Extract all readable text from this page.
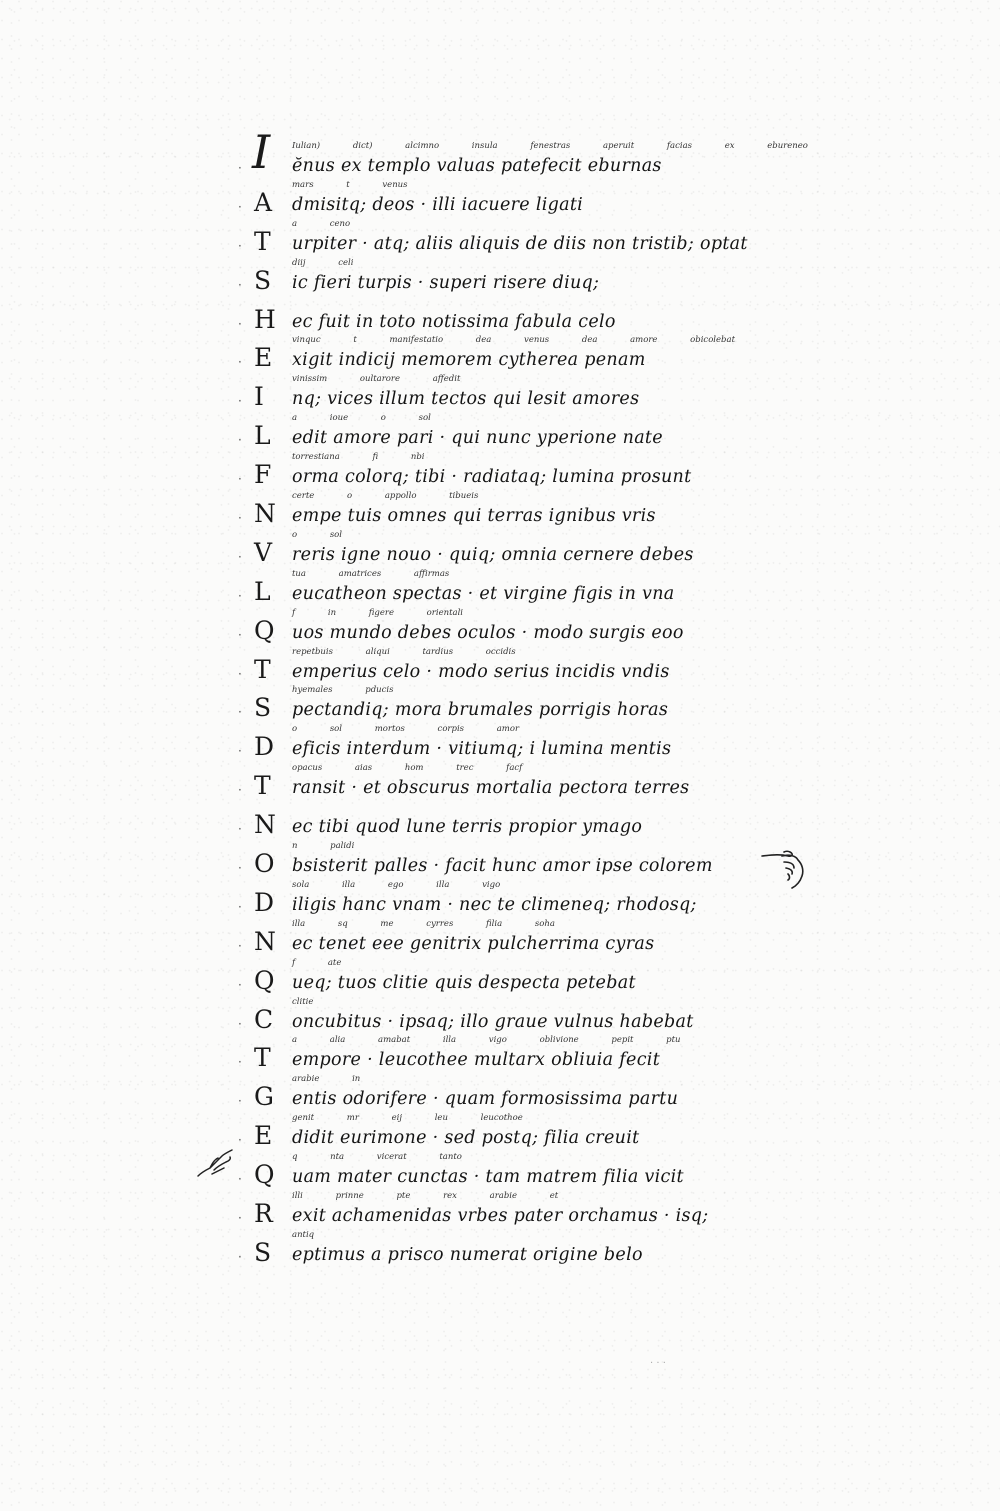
· I	Iulian) dict) alcimno insula fenestras aperuit facias ex ebureneo
ĕnus ex templo valuas patefecit eburnas
· A
mars t venus
dmisitq; deos · illi iacuere ligati
· T
a ceno
urpiter · atq; aliis aliquis de diis non tristib; optat
· S
diij celi
ic fieri turpis · superi risere diuq;
· H ec fuit in toto notissima fabula celo
· E
vinquc t manifestatio dea venus dea amore obicolebat
xigit indicij memorem cytherea penam
· I
vinissim oultarore affedit
nq; vices illum tectos qui lesit amores
· L
a ioue o sol
edit amore pari · qui nunc yperione nate
· F
torrestiana fi nbi
orma colorq; tibi · radiataq; lumina prosunt
· N
certe o appollo tibueis
empe tuis omnes qui terras ignibus vris
· V
o sol
reris igne nouo · quiq; omnia cernere debes
· L
tua amatrices affirmas
eucatheon spectas · et virgine figis in vna
· Q
f in figere orientali
uos mundo debes oculos · modo surgis eoo
· T
repetbuis aliqui tardius occidis
emperius celo · modo serius incidis vndis
· S
hyemales pducis
pectandiq; mora brumales porrigis horas
· D
o sol mortos corpis amor
eficis interdum · vitiumq; i lumina mentis
· T
opacus aias hom trec facf
ransit · et obscurus mortalia pectora terres
· N ec tibi quod lune terris propior ymago
· O
n palidi
bsisterit palles · facit hunc amor ipse colorem
· D
sola illa ego illa vigo
iligis hanc vnam · nec te climeneq; rhodosq;
· N
illa sq me cyrres filia soha
ec tenet eee genitrix pulcherrima cyras
· Q
f ate
ueq; tuos clitie quis despecta petebat
· C
clitie
oncubitus · ipsaq; illo graue vulnus habebat
· T
a alia amabat illa vigo oblivione pepit ptu
empore · leucothee multarx obliuia fecit
· G
arabie in
entis odorifere · quam formosissima partu
· E
genit mr eij leu leucothoe
didit eurimone · sed postq; filia creuit
· Q
q nta vicerat tanto
uam mater cunctas · tam matrem filia vicit
· R
illi prinne pte rex arabie et
exit achamenidas vrbes pater orchamus · isq;
· S
antiq
eptimus a prisco numerat origine belo
· · ·
